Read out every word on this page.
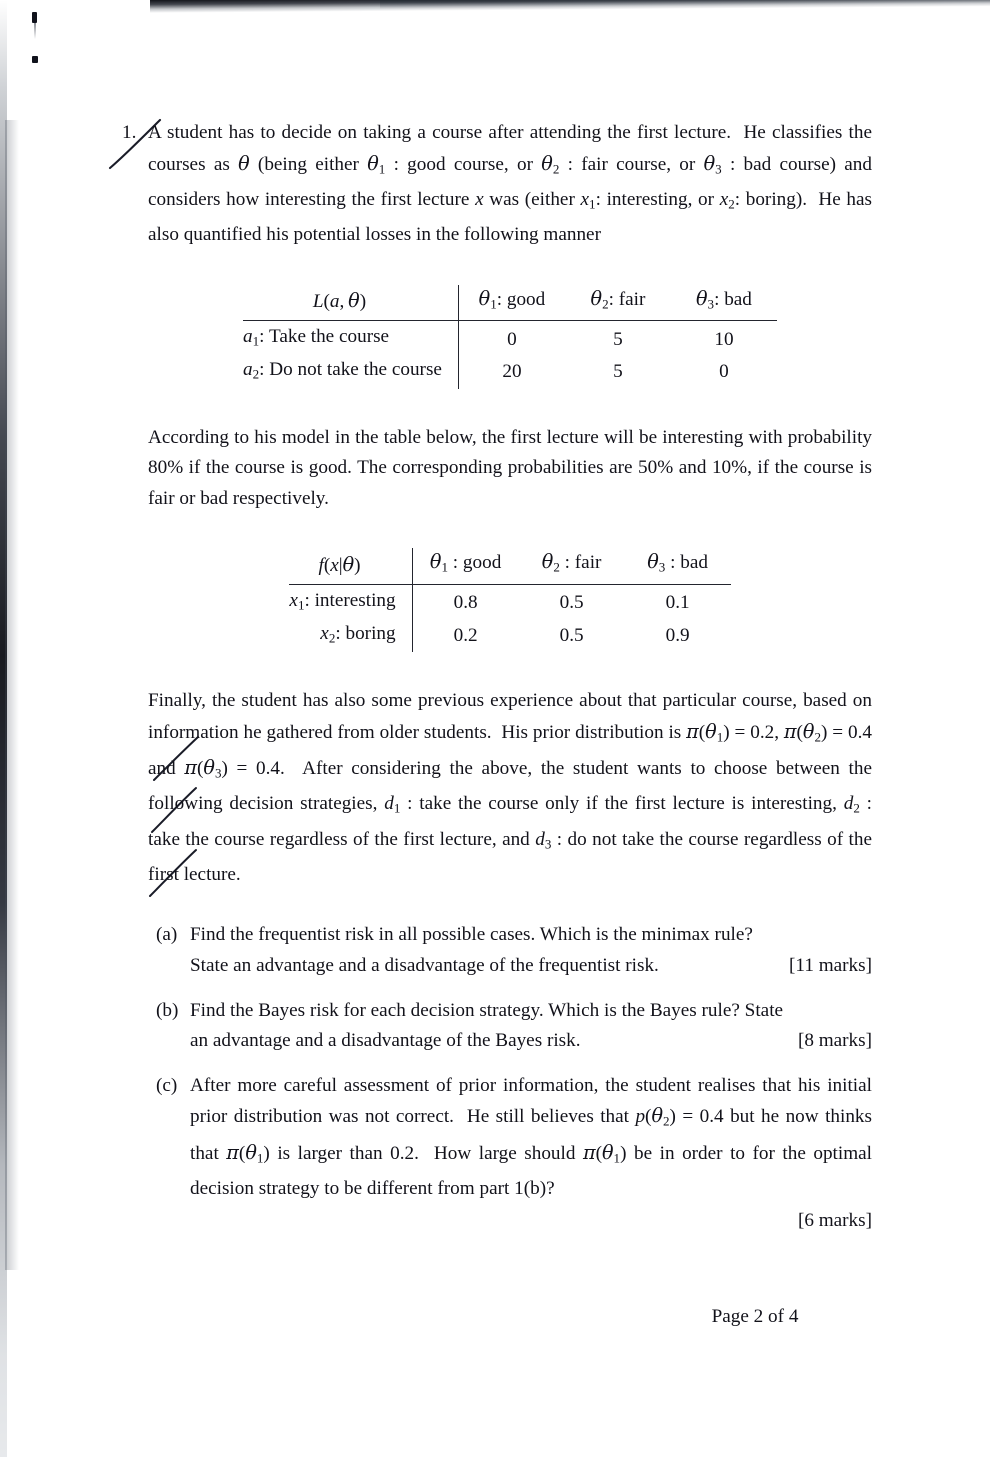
1. A student has to decide on taking a course after attending the first lecture.  He classifies the courses as θ (being either $\theta_1$ : good course, or $\theta_2$ : fair course, or $\theta_3$ : bad course) and considers how interesting the first lecture x was (either $x_1$: interesting, or $x_2$: boring).  He has also quantified his potential losses in the following manner

L(a, θ)	$\theta_1$: good	$\theta_2$: fair	$\theta_3$: bad
$a_1$: Take the course	0	5	10
$a_2$: Do not take the course	20	5	0

According to his model in the table below, the first lecture will be interesting with probability 80% if the course is good. The corresponding probabilities are 50% and 10%, if the course is fair or bad respectively.

f(x|θ)	$\theta_1$ : good	$\theta_2$ : fair	$\theta_3$ : bad
$x_1$: interesting	0.8	0.5	0.1
$x_2$: boring	0.2	0.5	0.9

Finally, the student has also some previous experience about that particular course, based on information he gathered from older students.  His prior distribution is $\pi(\theta_1) = 0.2$, $\pi(\theta_2) = 0.4$ and $\pi(\theta_3) = 0.4$.  After considering the above, the student wants to choose between the following decision strategies, $d_1$ : take the course only if the first lecture is interesting, $d_2$ : take the course regardless of the first lecture, and $d_3$ : do not take the course regardless of the first lecture.

(a) Find the frequentist risk in all possible cases. Which is the minimax rule?
State an advantage and a disadvantage of the frequentist risk.	[11 marks]
(b) Find the Bayes risk for each decision strategy. Which is the Bayes rule? State
an advantage and a disadvantage of the Bayes risk.	[8 marks]
(c) After more careful assessment of prior information, the student realises that his initial prior distribution was not correct.  He still believes that $p(\theta_2) = 0.4$ but he now thinks that $\pi(\theta_1)$ is larger than 0.2.  How large should $\pi(\theta_1)$ be in order to for the optimal decision strategy to be different from part 1(b)?
[6 marks]
Page 2 of 4
